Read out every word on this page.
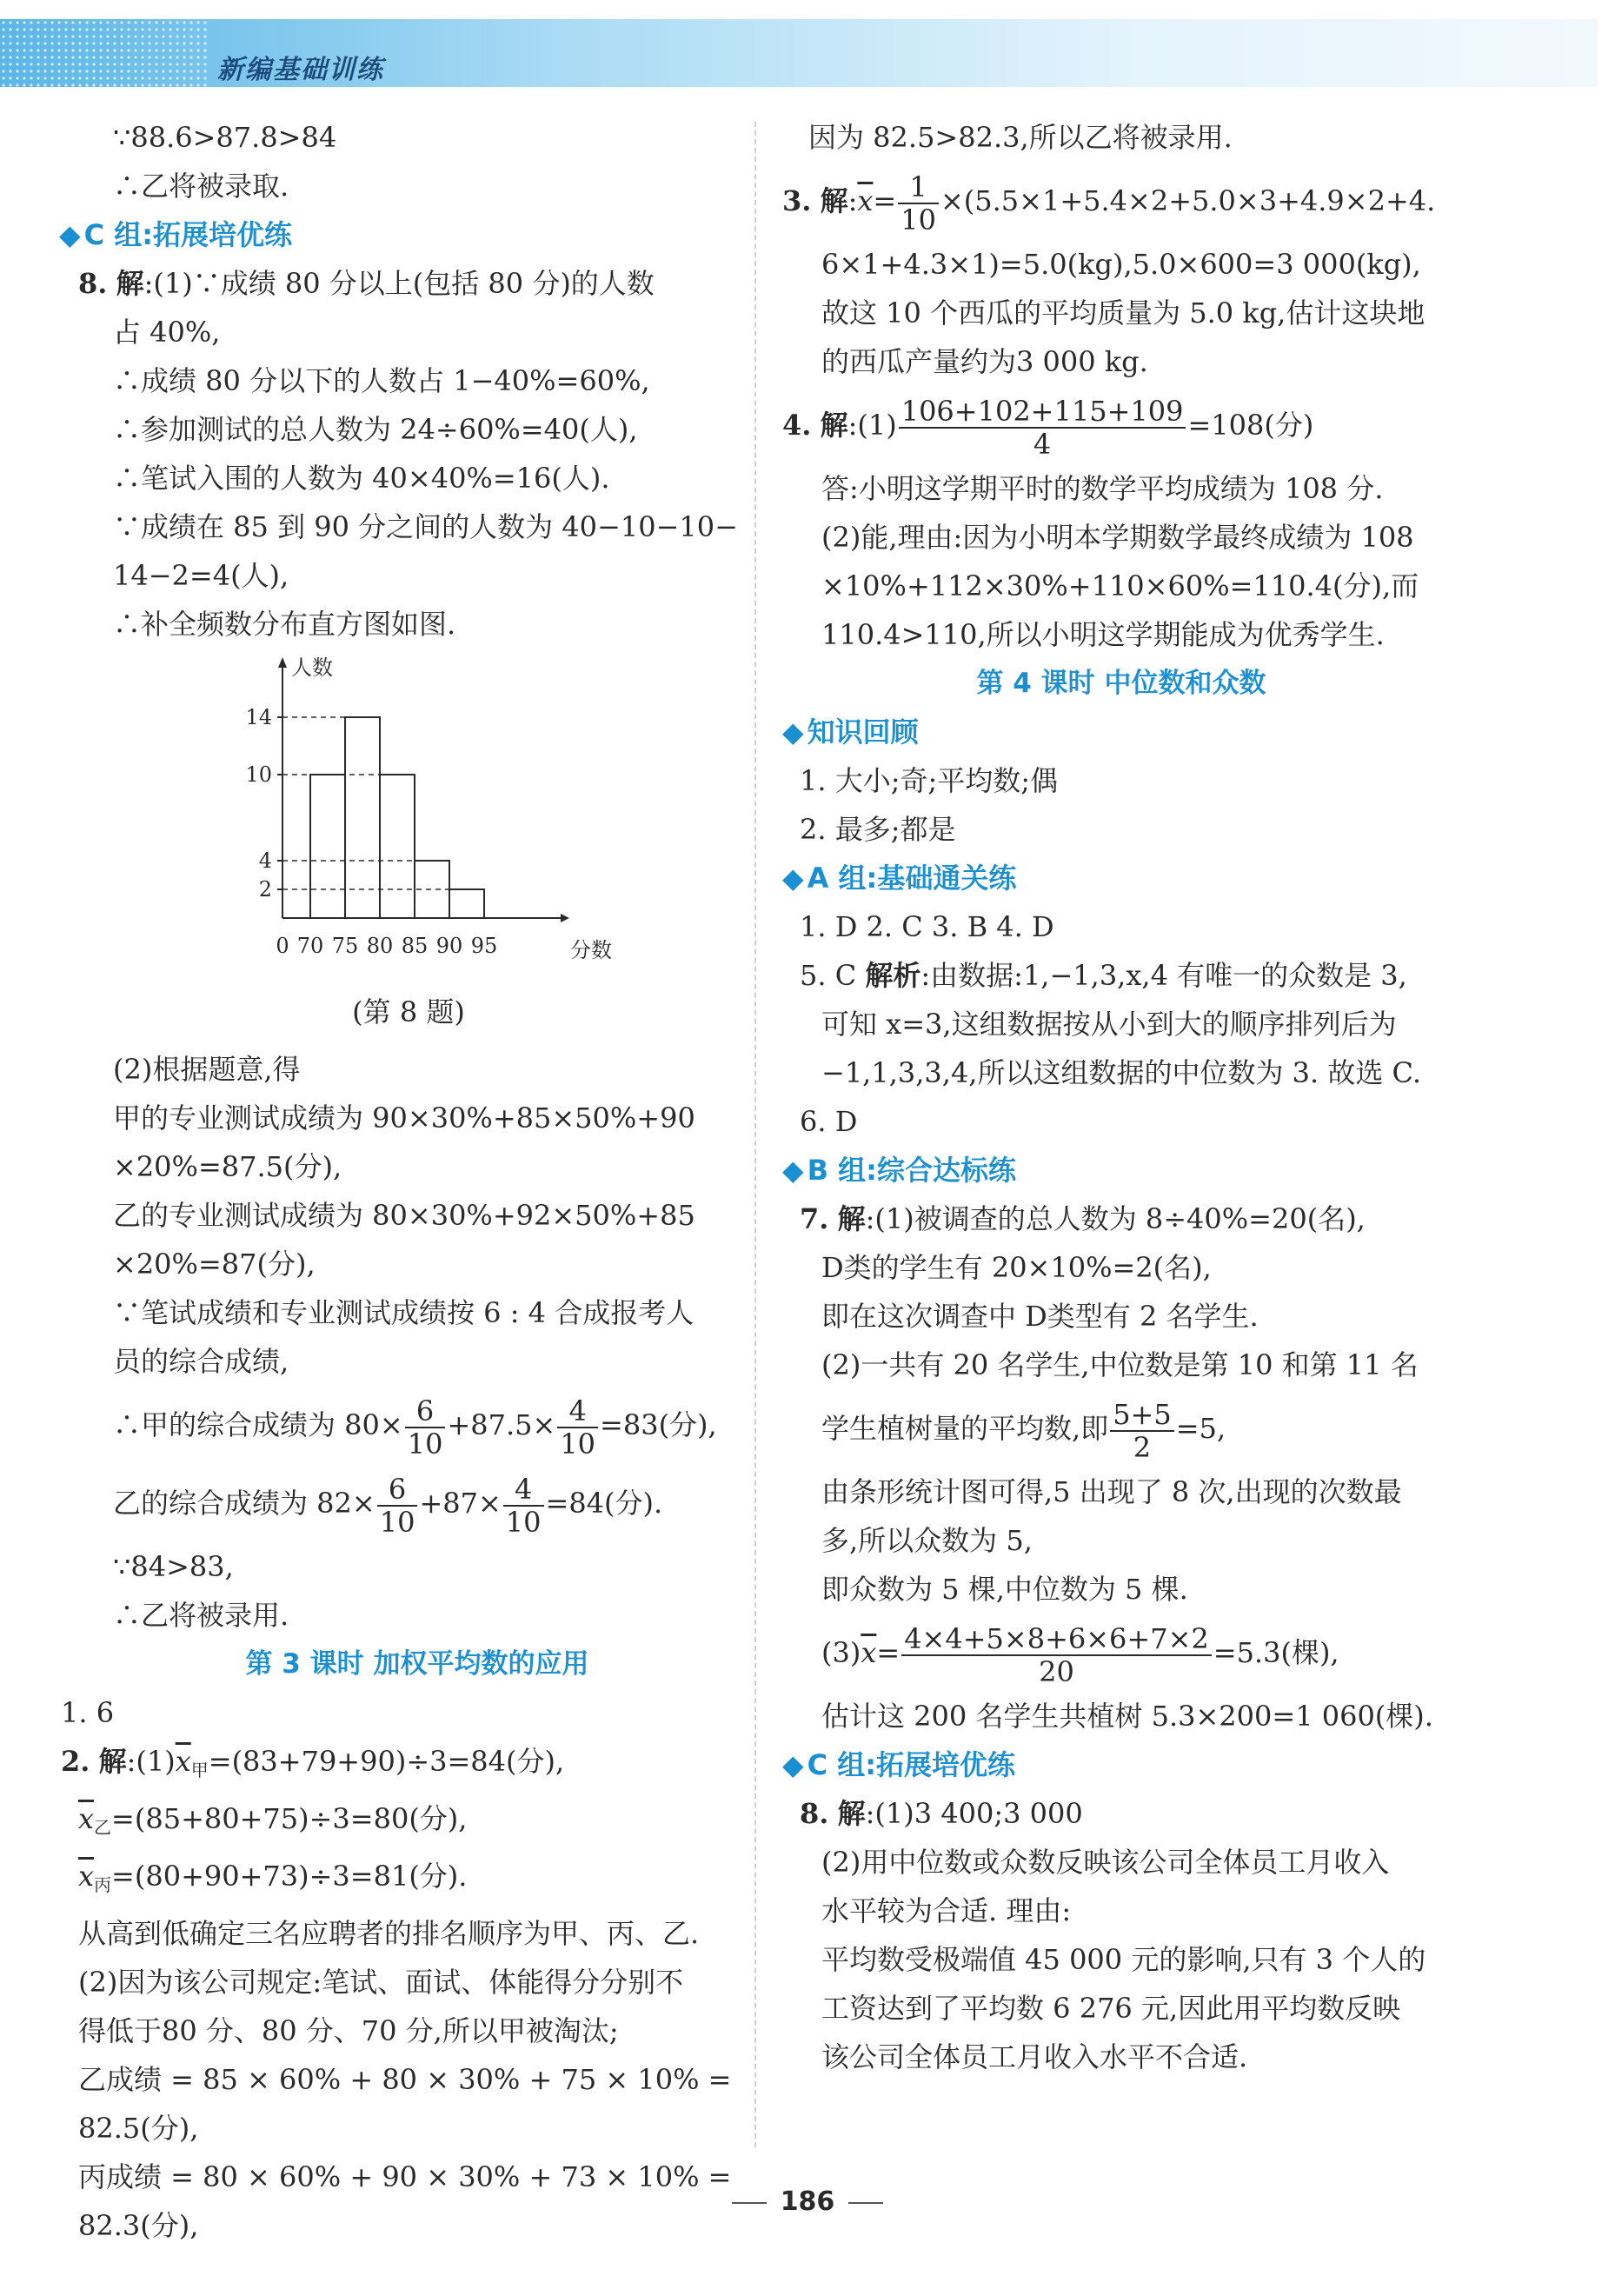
新编基础训练
∵88.6>87.8>84
∴乙将被录取.
◆ C 组:拓展培优练
8. 解:(1)∵成绩 80 分以上(包括 80 分)的人数
占 40%,
∴成绩 80 分以下的人数占 1−40%=60%,
∴参加测试的总人数为 24÷60%=40(人),
∴笔试入围的人数为 40×40%=16(人).
∵成绩在 85 到 90 分之间的人数为 40−10−10−
14−2=4(人),
∴补全频数分布直方图如图.
人数
分数
2
4
10
14
0 70 75 80 85 90 95
(第 8 题)
(2)根据题意,得
甲的专业测试成绩为 90×30%+85×50%+90
×20%=87.5(分),
乙的专业测试成绩为 80×30%+92×50%+85
×20%=87(分),
∵笔试成绩和专业测试成绩按 6 : 4 合成报考人
员的综合成绩,
∴甲的综合成绩为 $80\times \frac{6}{10} +87.5\times \frac{4}{10} =83$(分),
乙的综合成绩为 $82\times \frac{6}{10} +87\times \frac{4}{10} =84$(分).
∵84>83,
∴乙将被录用.
第 3 课时 加权平均数的应用
1. 6
2. 解$:(1)\overline{x}_甲=(83+79+90)\div 3=84$(分),
$\overline{x}_乙=(85+80+75)\div 3=80$(分),
$\overline{x}_丙=(80+90+73)\div 3=81$(分).
从高到低确定三名应聘者的排名顺序为甲、丙、乙.
(2)因为该公司规定:笔试、面试、体能得分分别不
得低于80 分、80 分、70 分,所以甲被淘汰;
乙成绩 = 85 × 60% + 80 × 30% + 75 × 10% =
82.5(分),
丙成绩 = 80 × 60% + 90 × 30% + 73 × 10% =
82.3(分),
因为 82.5>82.3,所以乙将被录用.
3. 解$:\overline{x}= \frac{1}{10} \times(5.5\times 1+5.4\times 2+5.0\times 3+4.9\times 2+4$.
6×1+4.3×1)=5.0(kg),5.0×600=3 000(kg),
故这 10 个西瓜的平均质量为 5.0 kg,估计这块地
的西瓜产量约为3 000 kg.
4. 解:(1) $\frac{106+102+115+109}{4} =108$(分)
答:小明这学期平时的数学平均成绩为 108 分.
(2)能,理由:因为小明本学期数学最终成绩为 108
×10%+112×30%+110×60%=110.4(分),而
110.4>110,所以小明这学期能成为优秀学生.
第 4 课时 中位数和众数
◆ 知识回顾
1. 大小;奇;平均数;偶
2. 最多;都是
◆ A 组:基础通关练
1. D 2. C 3. B 4. D
5. C 解析:由数据:1,−1,3,x,4 有唯一的众数是 3,
可知 x=3,这组数据按从小到大的顺序排列后为
−1,1,3,3,4,所以这组数据的中位数为 3. 故选 C.
6. D
◆ B 组:综合达标练
7. 解:(1)被调查的总人数为 8÷40%=20(名),
D类的学生有 20×10%=2(名),
即在这次调查中 D类型有 2 名学生.
(2)一共有 20 名学生,中位数是第 10 和第 11 名
学生植树量的平均数,即 $\frac{5+5}{2} =5$,
由条形统计图可得,5 出现了 8 次,出现的次数最
多,所以众数为 5,
即众数为 5 棵,中位数为 5 棵.
$(3)\overline{x}= \frac{4\times 4+5\times 8+6\times 6+7\times 2}{20} =5.3$(棵),
估计这 200 名学生共植树 5.3×200=1 060(棵).
◆ C 组:拓展培优练
8. 解:(1)3 400;3 000
(2)用中位数或众数反映该公司全体员工月收入
水平较为合适. 理由:
平均数受极端值 45 000 元的影响,只有 3 个人的
工资达到了平均数 6 276 元,因此用平均数反映
该公司全体员工月收入水平不合适.
186
